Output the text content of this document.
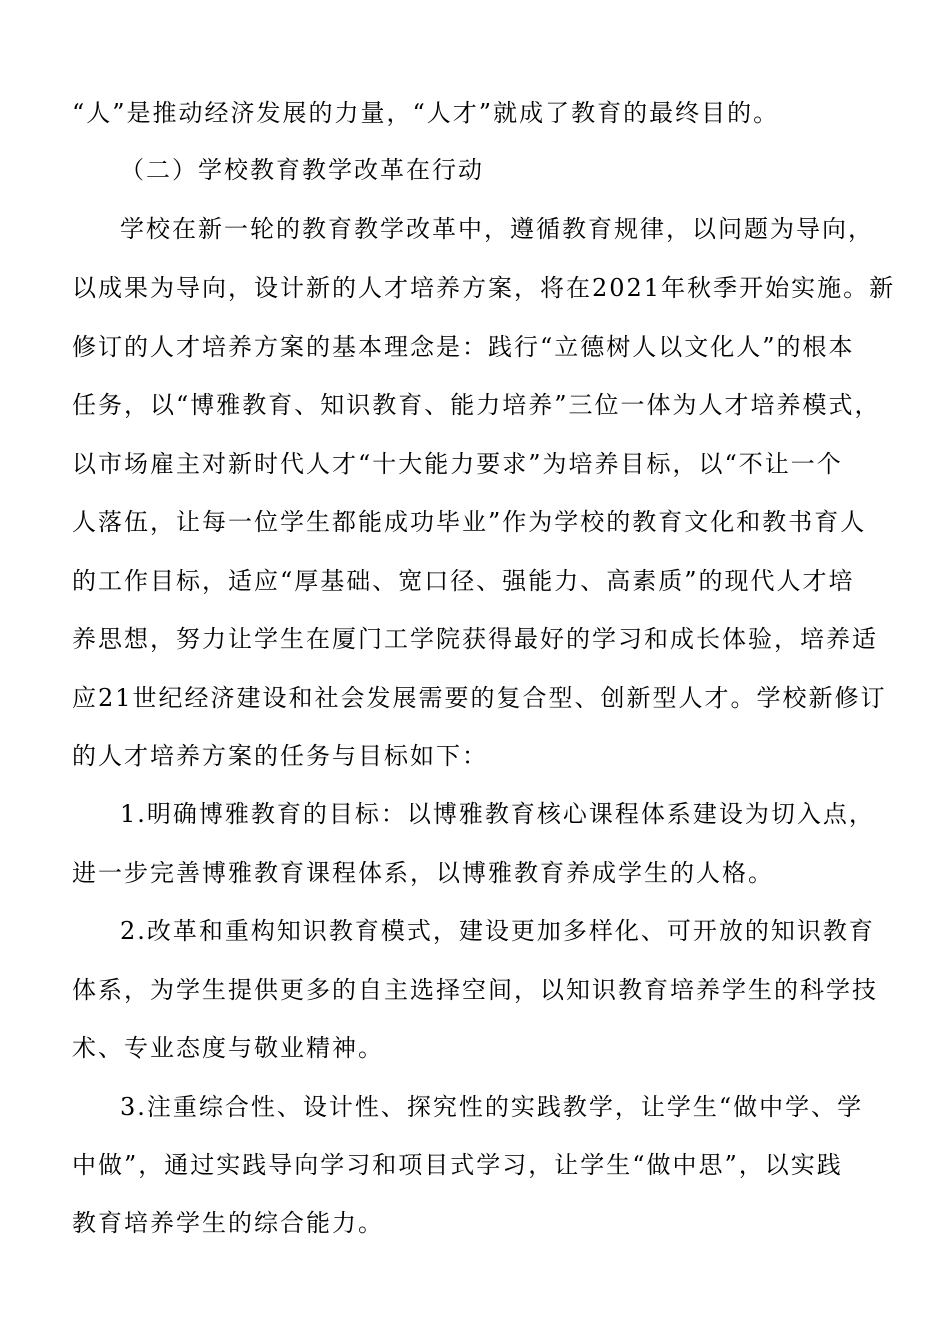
“人”是推动经济发展的力量，“人才”就成了教育的最终目的。

（二）学校教育教学改革在行动

学校在新一轮的教育教学改革中，遵循教育规律，以问题为导向，

以成果为导向，设计新的人才培养方案，将在2021年秋季开始实施。新

修订的人才培养方案的基本理念是：践行“立德树人以文化人”的根本

任务，以“博雅教育、知识教育、能力培养”三位一体为人才培养模式，

以市场雇主对新时代人才“十大能力要求”为培养目标，以“不让一个

人落伍，让每一位学生都能成功毕业”作为学校的教育文化和教书育人

的工作目标，适应“厚基础、宽口径、强能力、高素质”的现代人才培

养思想，努力让学生在厦门工学院获得最好的学习和成长体验，培养适

应21世纪经济建设和社会发展需要的复合型、创新型人才。学校新修订

的人才培养方案的任务与目标如下：

1.明确博雅教育的目标：以博雅教育核心课程体系建设为切入点，

进一步完善博雅教育课程体系，以博雅教育养成学生的人格。

2.改革和重构知识教育模式，建设更加多样化、可开放的知识教育

体系，为学生提供更多的自主选择空间，以知识教育培养学生的科学技

术、专业态度与敬业精神。

3.注重综合性、设计性、探究性的实践教学，让学生“做中学、学

中做”，通过实践导向学习和项目式学习，让学生“做中思”，以实践

教育培养学生的综合能力。
